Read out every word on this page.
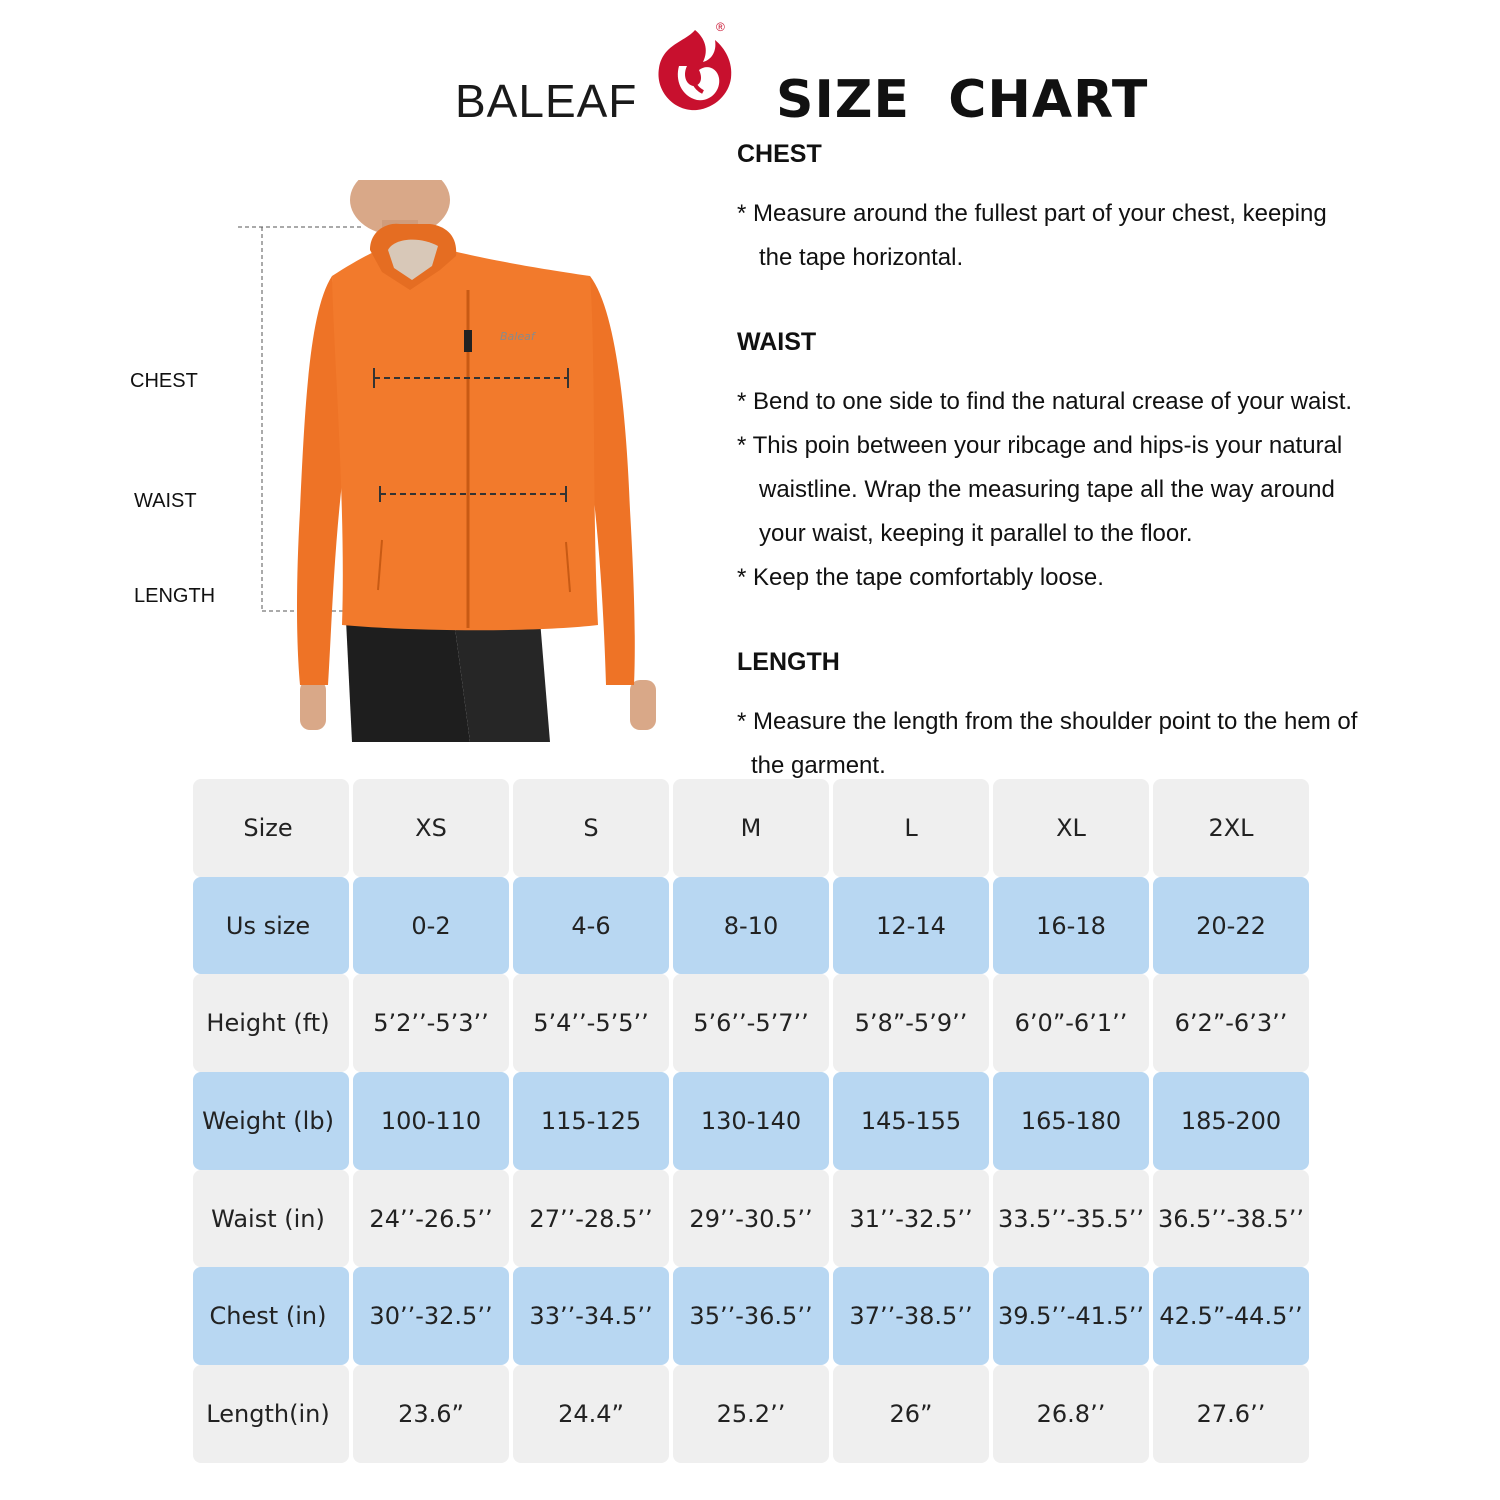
BALEAF
®
SIZE  CHART
Baleaf
CHEST
WAIST
LENGTH

CHEST

* Measure around the fullest part of your chest, keeping

the tape horizontal.

WAIST

* Bend to one side to find the natural crease of your waist.

* This poin between your ribcage and hips-is your natural

waistline. Wrap the measuring tape all the way around

your waist, keeping it parallel to the floor.

* Keep the tape comfortably loose.

LENGTH

* Measure the length from the shoulder point to the hem of

the garment.

Size	XS	S	M	L	XL	2XL
Us size	0-2	4-6	8-10	12-14	16-18	20-22
Height (ft)	5’2’’-5’3’’	5’4’’-5’5’’	5’6’’-5’7’’	5’8”-5’9’’	6’0”-6’1’’	6’2”-6’3’’
Weight (lb)	100-110	115-125	130-140	145-155	165-180	185-200
Waist (in)	24’’-26.5’’	27’’-28.5’’	29’’-30.5’’	31’’-32.5’’	33.5’’-35.5’’ 36.5’’-38.5’’
Chest (in)	30’’-32.5’’	33’’-34.5’’	35’’-36.5’’	37’’-38.5’’	39.5’’-41.5’’ 42.5”-44.5’’
Length(in)	23.6”	24.4”	25.2’’	26”	26.8’’	27.6’’
